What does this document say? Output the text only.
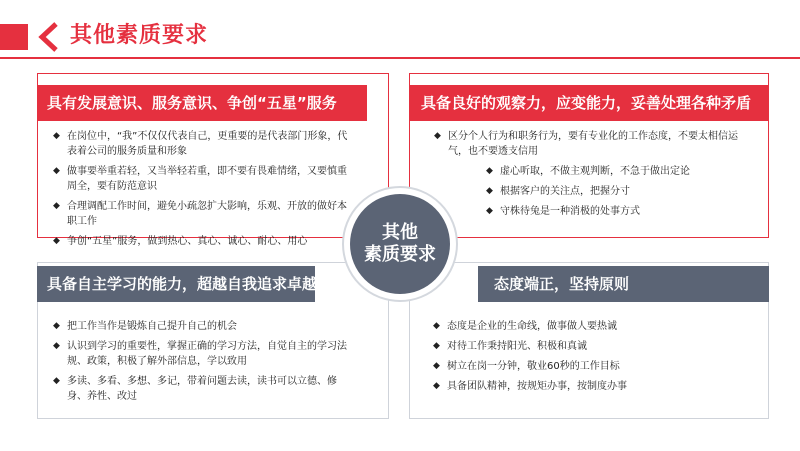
其他素质要求
具有发展意识、服务意识、争创“五星”服务	具备良好的观察力，应变能力，妥善处理各种矛盾
具备自主学习的能力，超越自我追求卓越	态度端正，坚持原则
◆ 在岗位中，“我”不仅仅代表自己，更重要的是代表部门形象，代表着公司的服务质量和形象
◆ 做事要举重若轻，又当举轻若重，即不要有畏难情绪，又要慎重周全，要有防范意识
◆ 合理调配工作时间，避免小疏忽扩大影响，乐观、开放的做好本职工作
◆ 争创“五星”服务，做到热心、真心、诚心、耐心、用心
◆ 区分个人行为和职务行为，要有专业化的工作态度，不要太相信运气，也不要透支信用
◆ 虚心听取，不做主观判断，不急于做出定论
◆ 根据客户的关注点，把握分寸
◆ 守株待兔是一种消极的处事方式
◆ 把工作当作是锻炼自己提升自己的机会
◆ 认识到学习的重要性，掌握正确的学习方法，自觉自主的学习法规、政策，积极了解外部信息，学以致用
◆ 多读、多看、多想、多记，带着问题去读，读书可以立德、修身、养性、改过
◆ 态度是企业的生命线，做事做人要热诚
◆ 对待工作秉持阳光、积极和真诚
◆ 树立在岗一分钟，敬业60秒的工作目标
◆ 具备团队精神，按规矩办事，按制度办事
其他
素质要求
